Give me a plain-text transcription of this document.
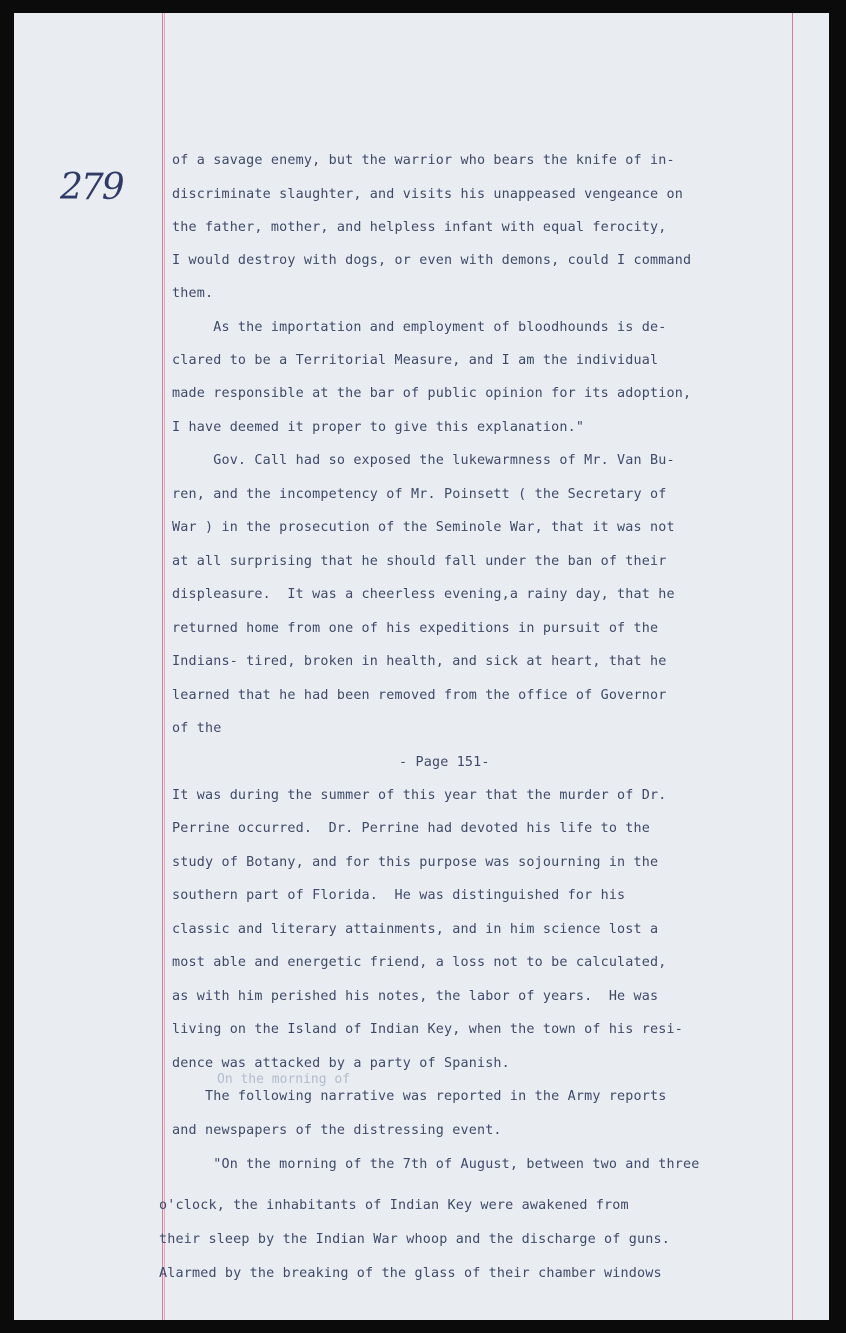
279
On the morning of
of a savage enemy, but the warrior who bears the knife of in-
discriminate slaughter, and visits his unappeased vengeance on
the father, mother, and helpless infant with equal ferocity,
I would destroy with dogs, or even with demons, could I command
them.
As the importation and employment of bloodhounds is de-
clared to be a Territorial Measure, and I am the individual
made responsible at the bar of public opinion for its adoption,
I have deemed it proper to give this explanation."
Gov. Call had so exposed the lukewarmness of Mr. Van Bu-
ren, and the incompetency of Mr. Poinsett ( the Secretary of
War ) in the prosecution of the Seminole War, that it was not
at all surprising that he should fall under the ban of their
displeasure.  It was a cheerless evening,a rainy day, that he
returned home from one of his expeditions in pursuit of the
Indians- tired, broken in health, and sick at heart, that he
learned that he had been removed from the office of Governor
of the
- Page 151-
It was during the summer of this year that the murder of Dr.
Perrine occurred.  Dr. Perrine had devoted his life to the
study of Botany, and for this purpose was sojourning in the
southern part of Florida.  He was distinguished for his
classic and literary attainments, and in him science lost a
most able and energetic friend, a loss not to be calculated,
as with him perished his notes, the labor of years.  He was
living on the Island of Indian Key, when the town of his resi-
dence was attacked by a party of Spanish.
The following narrative was reported in the Army reports
and newspapers of the distressing event.
"On the morning of the 7th of August, between two and three
o'clock, the inhabitants of Indian Key were awakened from
their sleep by the Indian War whoop and the discharge of guns.
Alarmed by the breaking of the glass of their chamber windows
